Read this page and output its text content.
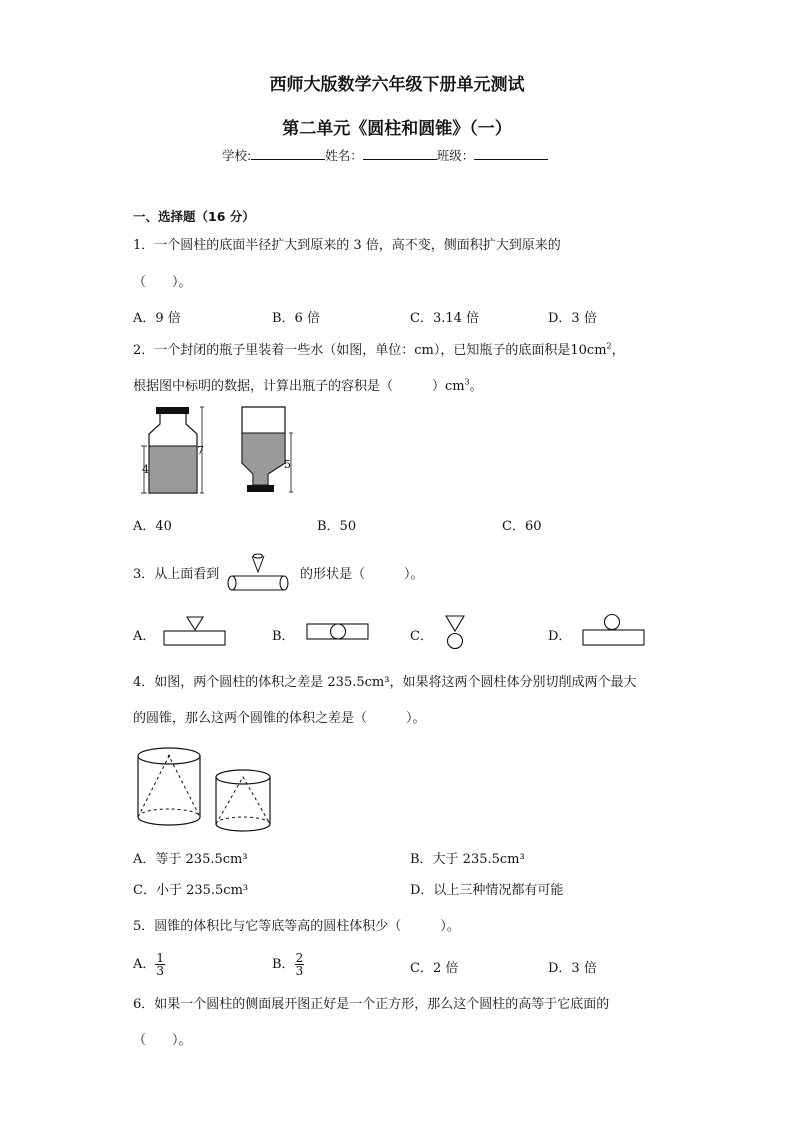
西师大版数学六年级下册单元测试
第二单元《圆柱和圆锥》（一）
学校:	姓名：	班级：
一、选择题（16 分）
1．一个圆柱的底面半径扩大到原来的 3 倍，高不变，侧面积扩大到原来的
（　　）。
A．9 倍	B．6 倍	C．3.14 倍	D．3 倍
2．一个封闭的瓶子里装着一些水（如图，单位：cm），已知瓶子的底面积是$10cm^2$，
根据图中标明的数据，计算出瓶子的容积是（　　　）$cm^3$。
4
7
5
A．40	B．50	C．60
3．从上面看到	的形状是（　　　）。
A．	B．	C．	D．
4．如图，两个圆柱的体积之差是 235.5cm³，如果将这两个圆柱体分别切削成两个最大
的圆锥，那么这两个圆锥的体积之差是（　　　）。
A．等于 235.5cm³	B．大于 235.5cm³
C．小于 235.5cm³	D．以上三种情况都有可能
5．圆锥的体积比与它等底等高的圆柱体积少（　　　）。
A． $\frac{1}{3}$	B． $\frac{2}{3}$	C．2 倍	D．3 倍
6．如果一个圆柱的侧面展开图正好是一个正方形，那么这个圆柱的高等于它底面的
（　　）。
